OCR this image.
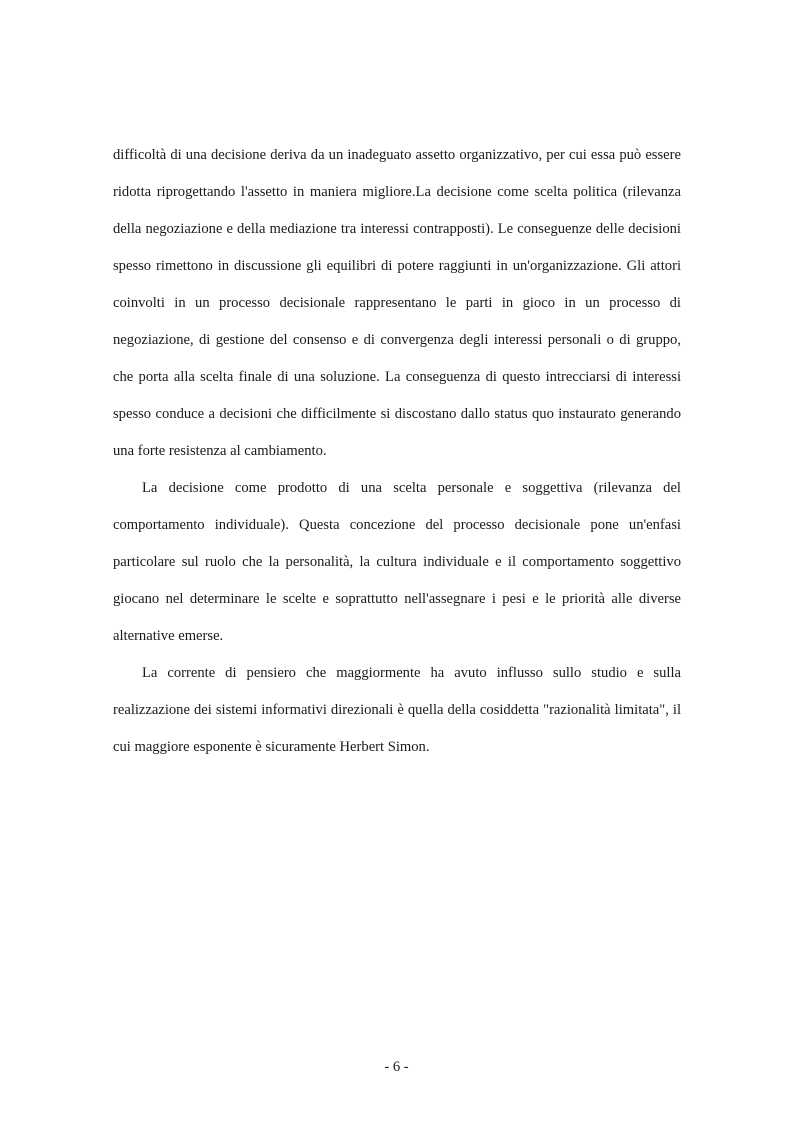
difficoltà di una decisione deriva da un inadeguato assetto organizzativo, per cui essa può essere ridotta riprogettando l'assetto in maniera migliore.La decisione come scelta politica (rilevanza della negoziazione e della mediazione tra interessi contrapposti). Le conseguenze delle decisioni spesso rimettono in discussione gli equilibri di potere raggiunti in un'organizzazione. Gli attori coinvolti in un processo decisionale rappresentano le parti in gioco in un processo di negoziazione, di gestione del consenso e di convergenza degli interessi personali o di gruppo, che porta alla scelta finale di una soluzione. La conseguenza di questo intrecciarsi di interessi spesso conduce a decisioni che difficilmente si discostano dallo status quo instaurato generando una forte resistenza al cambiamento.

La decisione come prodotto di una scelta personale e soggettiva (rilevanza del comportamento individuale). Questa concezione del processo decisionale pone un'enfasi particolare sul ruolo che la personalità, la cultura individuale e il comportamento soggettivo giocano nel determinare le scelte e soprattutto nell'assegnare i pesi e le priorità alle diverse alternative emerse.

La corrente di pensiero che maggiormente ha avuto influsso sullo studio e sulla realizzazione dei sistemi informativi direzionali è quella della cosiddetta "razionalità limitata", il cui maggiore esponente è sicuramente Herbert Simon.

- 6 -
